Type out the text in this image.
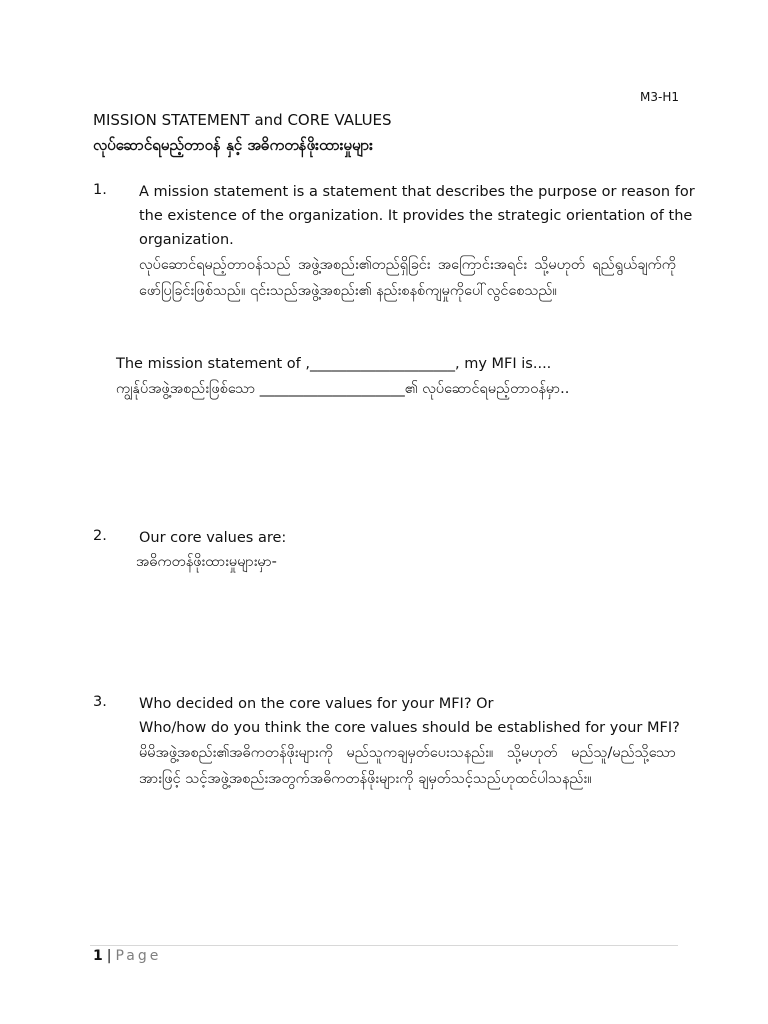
M3-H1
MISSION STATEMENT and CORE VALUES
လုပ်ဆောင်ရမည့်တာဝန် နှင့် အဓိကတန်ဖိုးထားမှုများ
1. A mission statement is a statement that describes the purpose or reason for
the existence of the organization. It provides the strategic orientation of the
organization.
လုပ်ဆောင်ရမည့်တာဝန်သည် အဖွဲ့အစည်း၏တည်ရှိခြင်း အကြောင်းအရင်း သို့မဟုတ် ရည်ရွယ်ချက်ကို ဖော်ပြခြင်းဖြစ်သည်။ ၎င်းသည်အဖွဲ့အစည်း၏ နည်းစနစ်ကျမှုကိုပေါ်လွင်စေသည်။
The mission statement of ,____________________, my MFI is....
ကျွန်ုပ်အဖွဲ့အစည်းဖြစ်သော ____________________၏ လုပ်ဆောင်ရမည့်တာဝန်မှာ..
2. Our core values are:
အဓိကတန်ဖိုးထားမှုများမှာ-
3. Who decided on the core values for your MFI? Or
Who/how do you think the core values should be established for your MFI?
မိမိအဖွဲ့အစည်း၏အဓိကတန်ဖိုးများကို မည်သူကချမှတ်ပေးသနည်း။ သို့မဟုတ် မည်သူ/မည်သို့သောအားဖြင့် သင့်အဖွဲ့အစည်းအတွက်အဓိကတန်ဖိုးများကို ချမှတ်သင့်သည်ဟုထင်ပါသနည်း။
1 | Page
